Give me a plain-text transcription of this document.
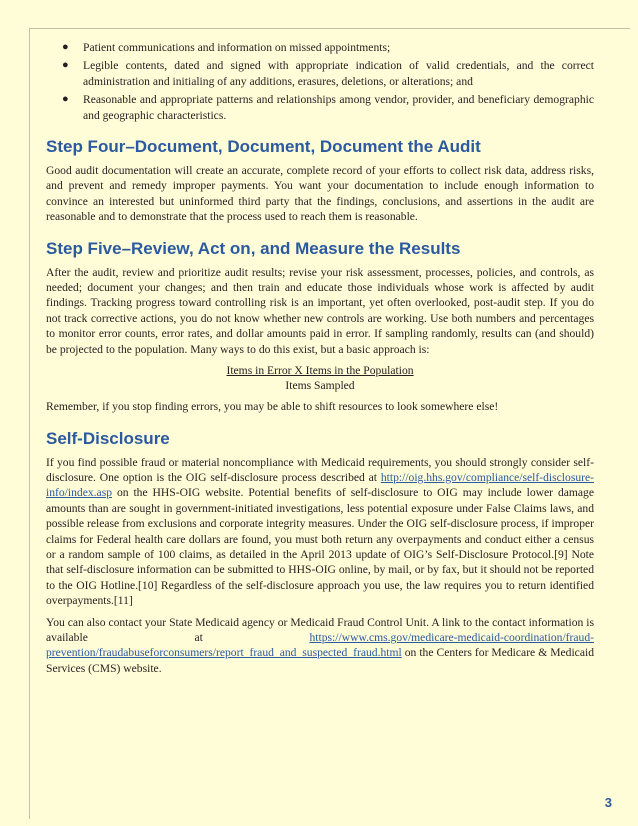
● Patient communications and information on missed appointments;
● Legible contents, dated and signed with appropriate indication of valid credentials, and the correct administration and initialing of any additions, erasures, deletions, or alterations; and
● Reasonable and appropriate patterns and relationships among vendor, provider, and beneficiary demographic and geographic characteristics.
Step Four–Document, Document, Document the Audit

Good audit documentation will create an accurate, complete record of your efforts to collect risk data, address risks, and prevent and remedy improper payments. You want your documentation to include enough information to convince an interested but uninformed third party that the findings, conclusions, and assertions in the audit are reasonable and to demonstrate that the process used to reach them is reasonable.

Step Five–Review, Act on, and Measure the Results

After the audit, review and prioritize audit results; revise your risk assessment, processes, policies, and controls, as needed; document your changes; and then train and educate those individuals whose work is affected by audit findings. Tracking progress toward controlling risk is an important, yet often overlooked, post-audit step. If you do not track corrective actions, you do not know whether new controls are working. Use both numbers and percentages to monitor error counts, error rates, and dollar amounts paid in error. If sampling randomly, results can (and should) be projected to the population. Many ways to do this exist, but a basic approach is:

Items in Error X Items in the Population
Items Sampled

Remember, if you stop finding errors, you may be able to shift resources to look somewhere else!

Self-Disclosure

If you find possible fraud or material noncompliance with Medicaid requirements, you should strongly consider self-disclosure. One option is the OIG self-disclosure process described at http://oig.hhs.gov/compliance/self-disclosure-info/index.asp on the HHS-OIG website. Potential benefits of self-disclosure to OIG may include lower damage amounts than are sought in government-initiated investigations, less potential exposure under False Claims laws, and possible release from exclusions and corporate integrity measures. Under the OIG self-disclosure process, if improper claims for Federal health care dollars are found, you must both return any overpayments and conduct either a census or a random sample of 100 claims, as detailed in the April 2013 update of OIG’s Self-Disclosure Protocol.[9] Note that self-disclosure information can be submitted to HHS-OIG online, by mail, or by fax, but it should not be reported to the OIG Hotline.[10] Regardless of the self-disclosure approach you use, the law requires you to return identified overpayments.[11]

You can also contact your State Medicaid agency or Medicaid Fraud Control Unit. A link to the contact information is available at https://www.cms.gov/medicare-medicaid-coordination/fraud-prevention/fraudabuseforconsumers/report_fraud_and_suspected_fraud.html on the Centers for Medicare & Medicaid Services (CMS) website.

3
